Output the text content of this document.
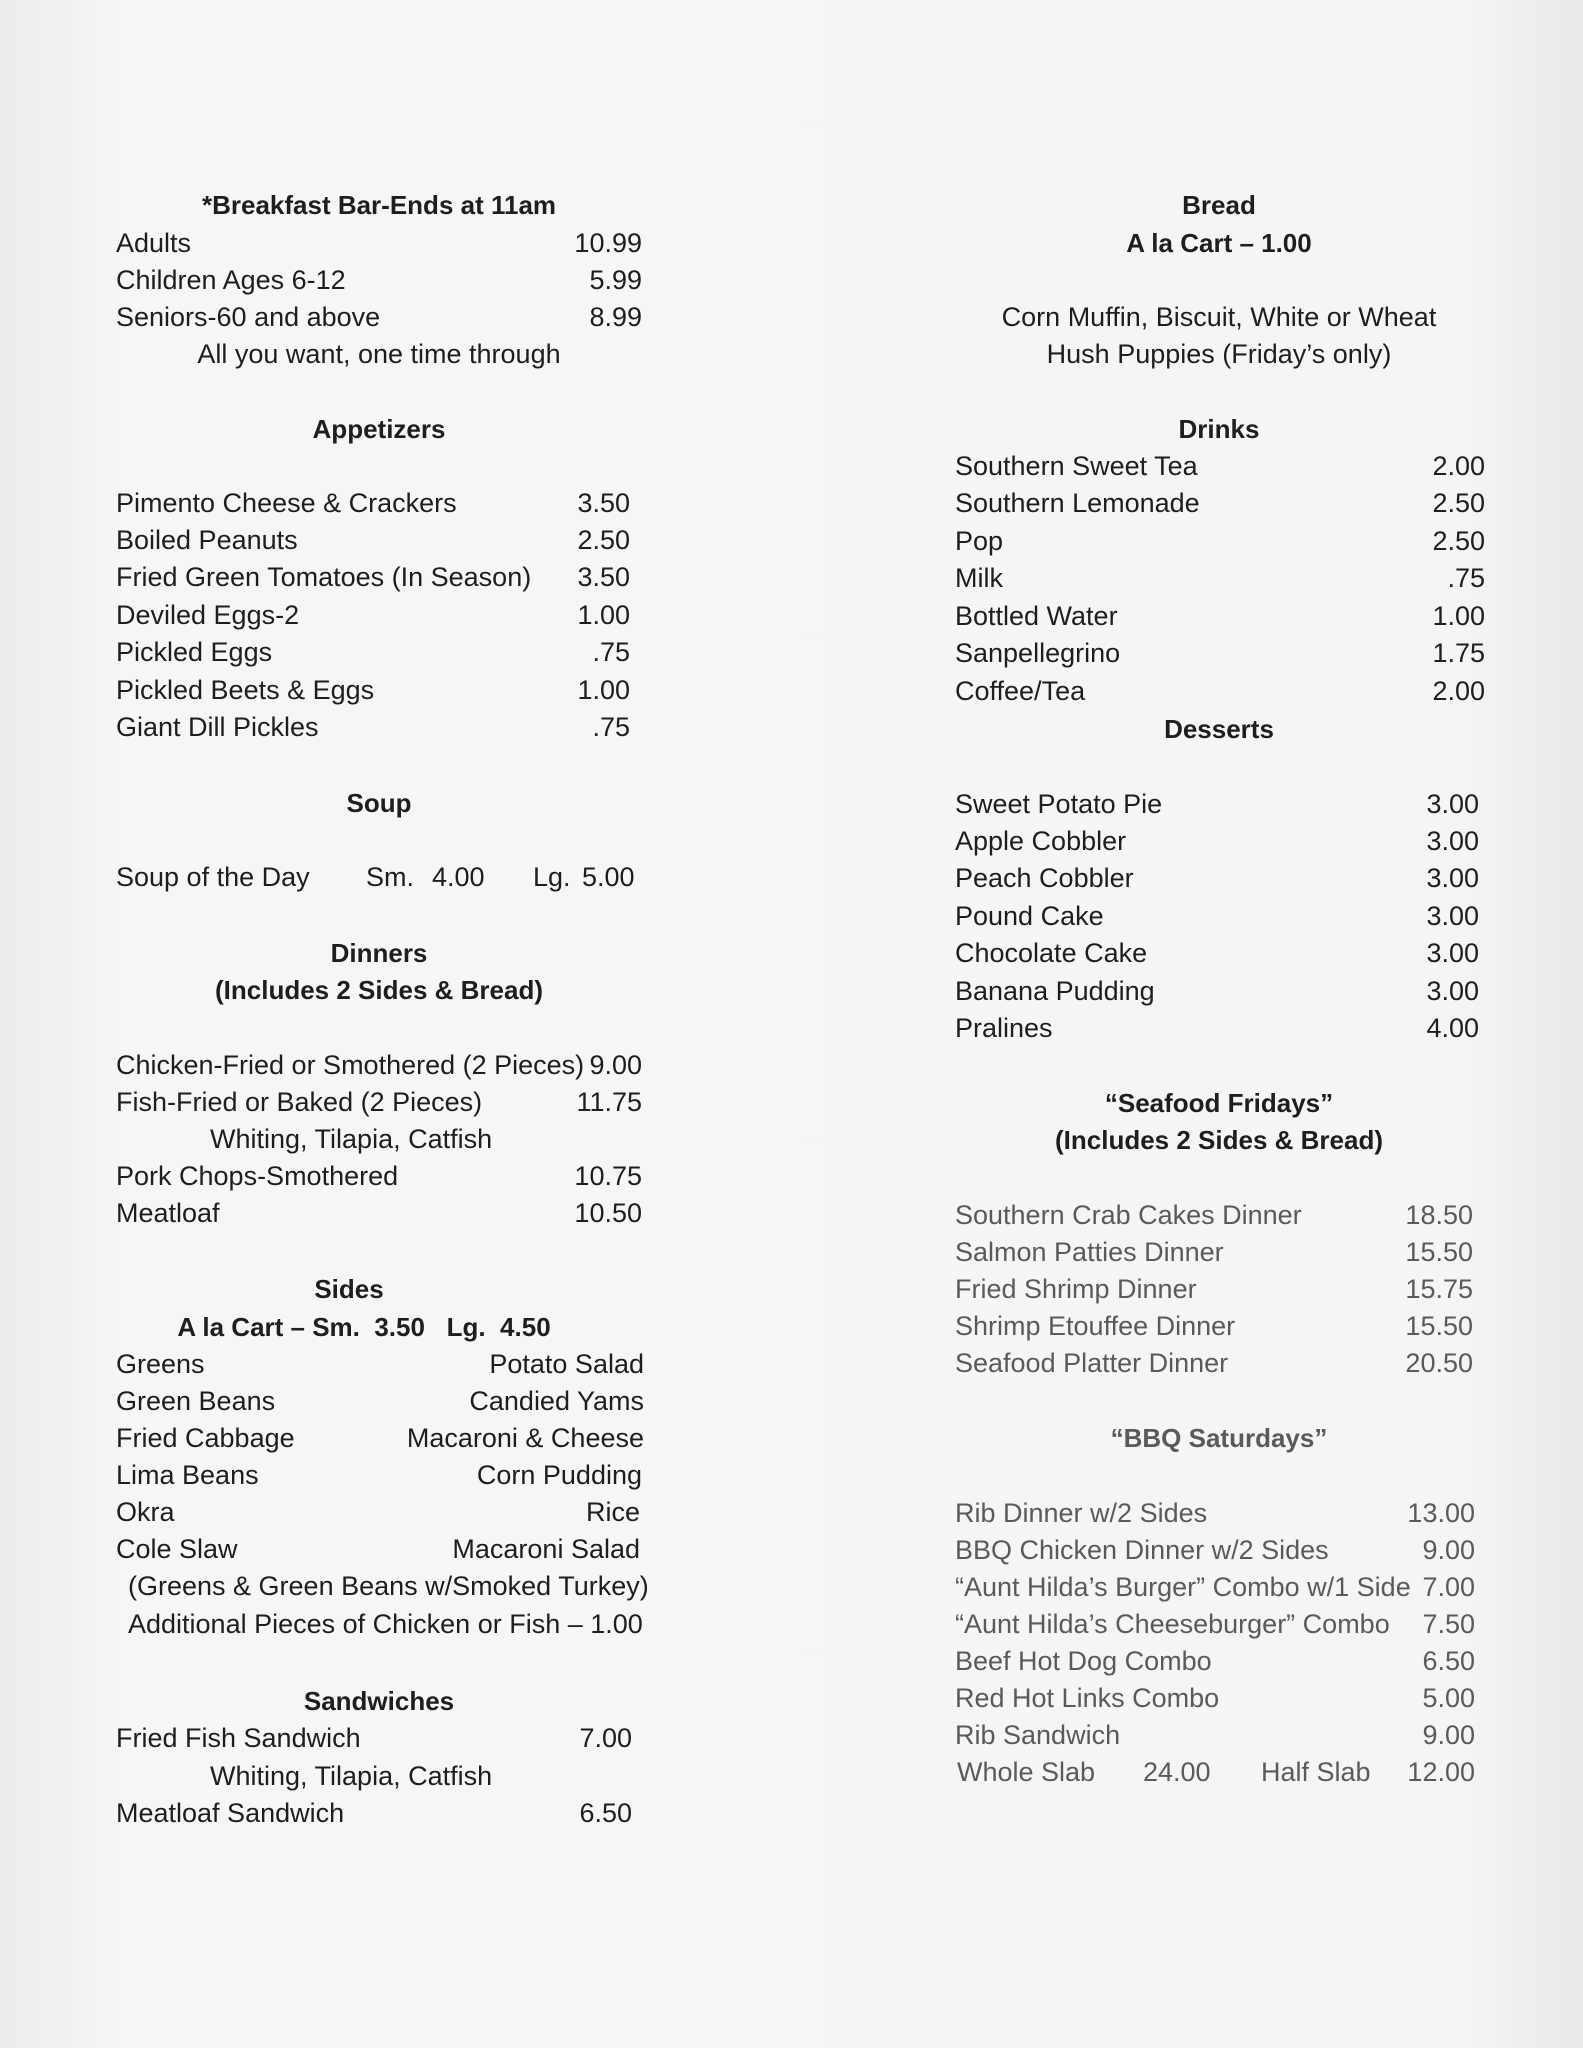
*Breakfast Bar-Ends at 11am
Adults	10.99
Children Ages 6-12	5.99
Seniors-60 and above	8.99
All you want, one time through
Appetizers
Pimento Cheese & Crackers	3.50
Boiled Peanuts	2.50
Fried Green Tomatoes (In Season) 3.50
Deviled Eggs-2	1.00
Pickled Eggs	.75
Pickled Beets & Eggs	1.00
Giant Dill Pickles	.75
Soup
Soup of the Day Sm. 4.00 Lg. 5.00
Dinners
(Includes 2 Sides & Bread)
Chicken-Fried or Smothered (2 Pieces) 9.00
Fish-Fried or Baked (2 Pieces)	11.75
Whiting, Tilapia, Catfish
Pork Chops-Smothered	10.75
Meatloaf	10.50
Sides
A la Cart – Sm.  3.50   Lg.  4.50
Greens	Potato Salad
Green Beans	Candied Yams
Fried Cabbage	Macaroni & Cheese
Lima Beans	Corn Pudding
Okra	Rice
Cole Slaw	Macaroni Salad
(Greens & Green Beans w/Smoked Turkey)
Additional Pieces of Chicken or Fish – 1.00
Sandwiches
Fried Fish Sandwich	7.00
Whiting, Tilapia, Catfish
Meatloaf Sandwich	6.50
Bread
A la Cart – 1.00
Corn Muffin, Biscuit, White or Wheat
Hush Puppies (Friday’s only)
Drinks
Southern Sweet Tea	2.00
Southern Lemonade	2.50
Pop	2.50
Milk	.75
Bottled Water	1.00
Sanpellegrino	1.75
Coffee/Tea	2.00
Desserts
Sweet Potato Pie	3.00
Apple Cobbler	3.00
Peach Cobbler	3.00
Pound Cake	3.00
Chocolate Cake	3.00
Banana Pudding	3.00
Pralines	4.00
“Seafood Fridays”
(Includes 2 Sides & Bread)
Southern Crab Cakes Dinner	18.50
Salmon Patties Dinner	15.50
Fried Shrimp Dinner	15.75
Shrimp Etouffee Dinner	15.50
Seafood Platter Dinner	20.50
“BBQ Saturdays”
Rib Dinner w/2 Sides	13.00
BBQ Chicken Dinner w/2 Sides	9.00
“Aunt Hilda’s Burger” Combo w/1 Side 7.00
“Aunt Hilda’s Cheeseburger” Combo 7.50
Beef Hot Dog Combo	6.50
Red Hot Links Combo	5.00
Rib Sandwich	9.00
Whole Slab 24.00 Half Slab 12.00
